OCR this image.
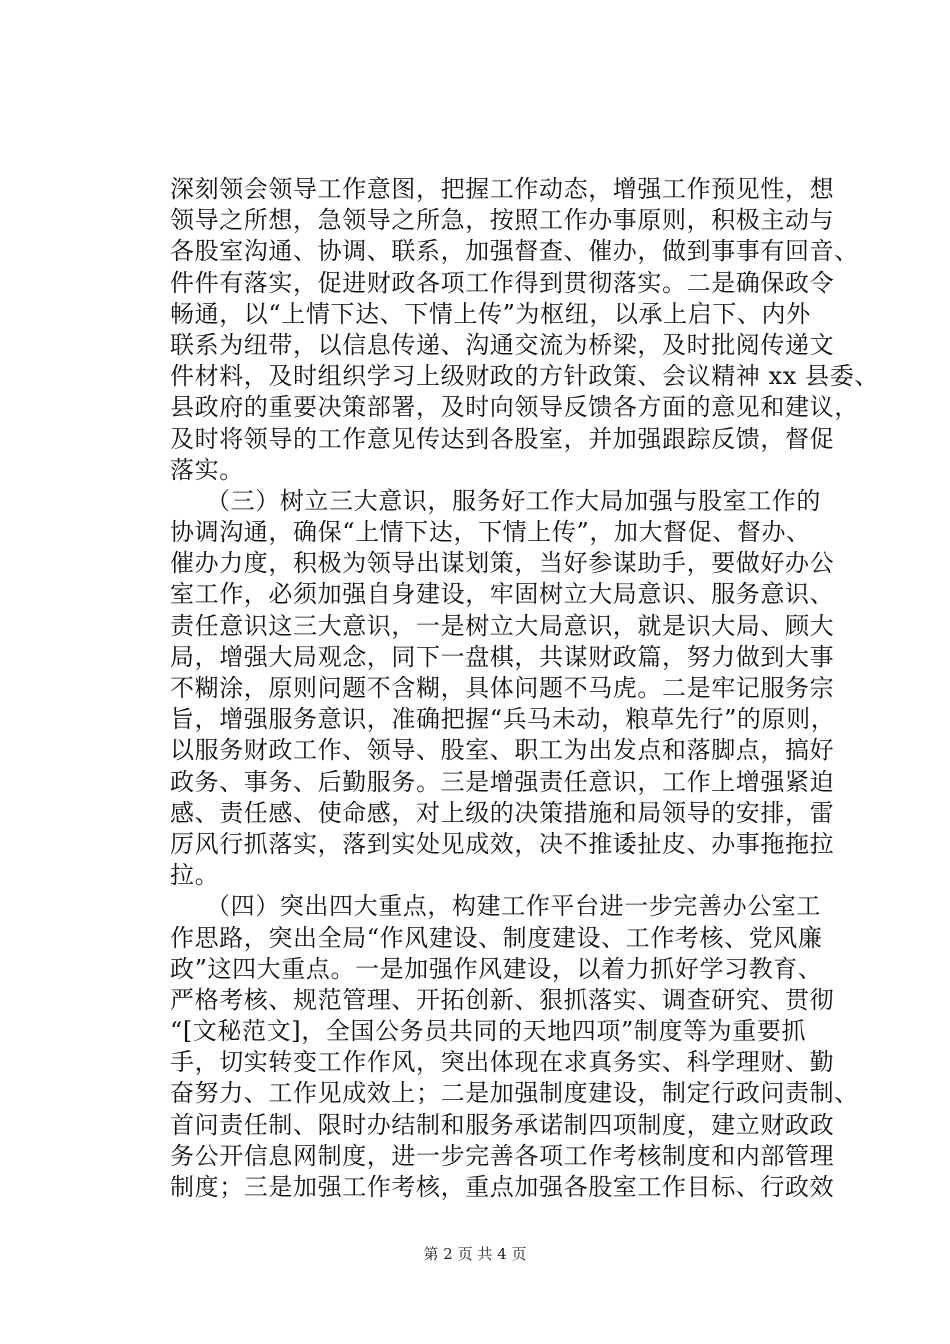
深刻领会领导工作意图，把握工作动态，增强工作预见性，想
领导之所想，急领导之所急，按照工作办事原则，积极主动与
各股室沟通、协调、联系，加强督查、催办，做到事事有回音、
件件有落实，促进财政各项工作得到贯彻落实。二是确保政令
畅通，以“上情下达、下情上传”为枢纽，以承上启下、内外
联系为纽带，以信息传递、沟通交流为桥梁，及时批阅传递文
件材料，及时组织学习上级财政的方针政策、会议精神 xx 县委、
县政府的重要决策部署，及时向领导反馈各方面的意见和建议，
及时将领导的工作意见传达到各股室，并加强跟踪反馈，督促
落实。
（三）树立三大意识，服务好工作大局加强与股室工作的
协调沟通，确保“上情下达，下情上传”，加大督促、督办、
催办力度，积极为领导出谋划策，当好参谋助手，要做好办公
室工作，必须加强自身建设，牢固树立大局意识、服务意识、
责任意识这三大意识，一是树立大局意识，就是识大局、顾大
局，增强大局观念，同下一盘棋，共谋财政篇，努力做到大事
不糊涂，原则问题不含糊，具体问题不马虎。二是牢记服务宗
旨，增强服务意识，准确把握“兵马未动，粮草先行”的原则，
以服务财政工作、领导、股室、职工为出发点和落脚点，搞好
政务、事务、后勤服务。三是增强责任意识，工作上增强紧迫
感、责任感、使命感，对上级的决策措施和局领导的安排，雷
厉风行抓落实，落到实处见成效，决不推诿扯皮、办事拖拖拉
拉。
（四）突出四大重点，构建工作平台进一步完善办公室工
作思路，突出全局“作风建设、制度建设、工作考核、党风廉
政”这四大重点。一是加强作风建设，以着力抓好学习教育、
严格考核、规范管理、开拓创新、狠抓落实、调查研究、贯彻
“[文秘范文]，全国公务员共同的天地四项”制度等为重要抓
手，切实转变工作作风，突出体现在求真务实、科学理财、勤
奋努力、工作见成效上；二是加强制度建设，制定行政问责制、
首问责任制、限时办结制和服务承诺制四项制度，建立财政政
务公开信息网制度，进一步完善各项工作考核制度和内部管理
制度；三是加强工作考核，重点加强各股室工作目标、行政效
第 2 页 共 4 页
